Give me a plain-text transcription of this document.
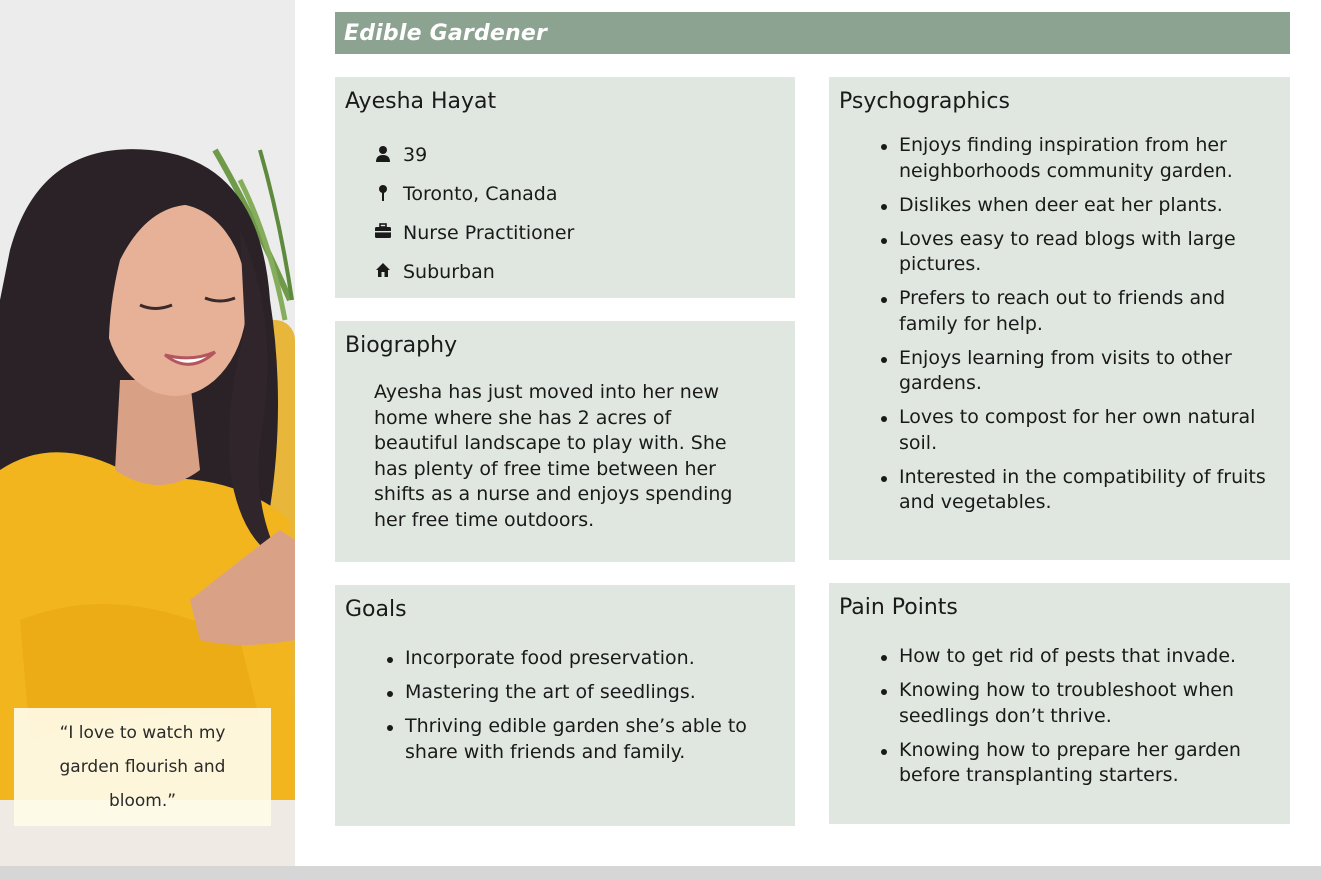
“I love to watch my garden flourish and bloom.”

Edible Gardener
Ayesha Hayat
39
Toronto, Canada
Nurse Practitioner
Suburban
Biography

Ayesha has just moved into her new home where she has 2 acres of beautiful landscape to play with. She has plenty of free time between her shifts as a nurse and enjoys spending her free time outdoors.

Goals
Incorporate food preservation.
Mastering the art of seedlings.
Thriving edible garden she’s able to share with friends and family.
Psychographics
Enjoys finding inspiration from her neighborhoods community garden.
Dislikes when deer eat her plants.
Loves easy to read blogs with large pictures.
Prefers to reach out to friends and family for help.
Enjoys learning from visits to other gardens.
Loves to compost for her own natural soil.
Interested in the compatibility of fruits and vegetables.
Pain Points
How to get rid of pests that invade.
Knowing how to troubleshoot when seedlings don’t thrive.
Knowing how to prepare her garden before transplanting starters.
